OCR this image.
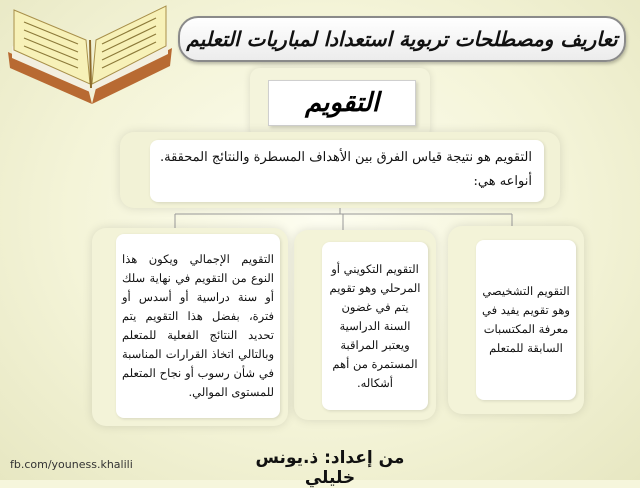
تعاريف ومصطلحات تربوية استعدادا لمباريات التعليم
التقويم
التقويم هو نتيجة قياس الفرق بين الأهداف المسطرة والنتائج المحققة.
أنواعه هي:
التقويم التشخيصي وهو تقويم يفيد في معرفة المكتسبات السابقة للمتعلم
التقويم التكويني أو المرحلي وهو تقويم يتم في غضون السنة الدراسية ويعتبر المراقبة المستمرة من أهم أشكاله.
التقويم الإجمالي ويكون هذا النوع من التقويم في نهاية سلك أو سنة دراسية أو أسدس أو فترة، بفضل هذا التقويم يتم تحديد النتائج الفعلية للمتعلم وبالتالي اتخاذ القرارات المناسبة في شأن رسوب أو نجاح المتعلم للمستوى الموالي.
من إعداد: ذ.يونس خليلي
fb.com/youness.khalili
